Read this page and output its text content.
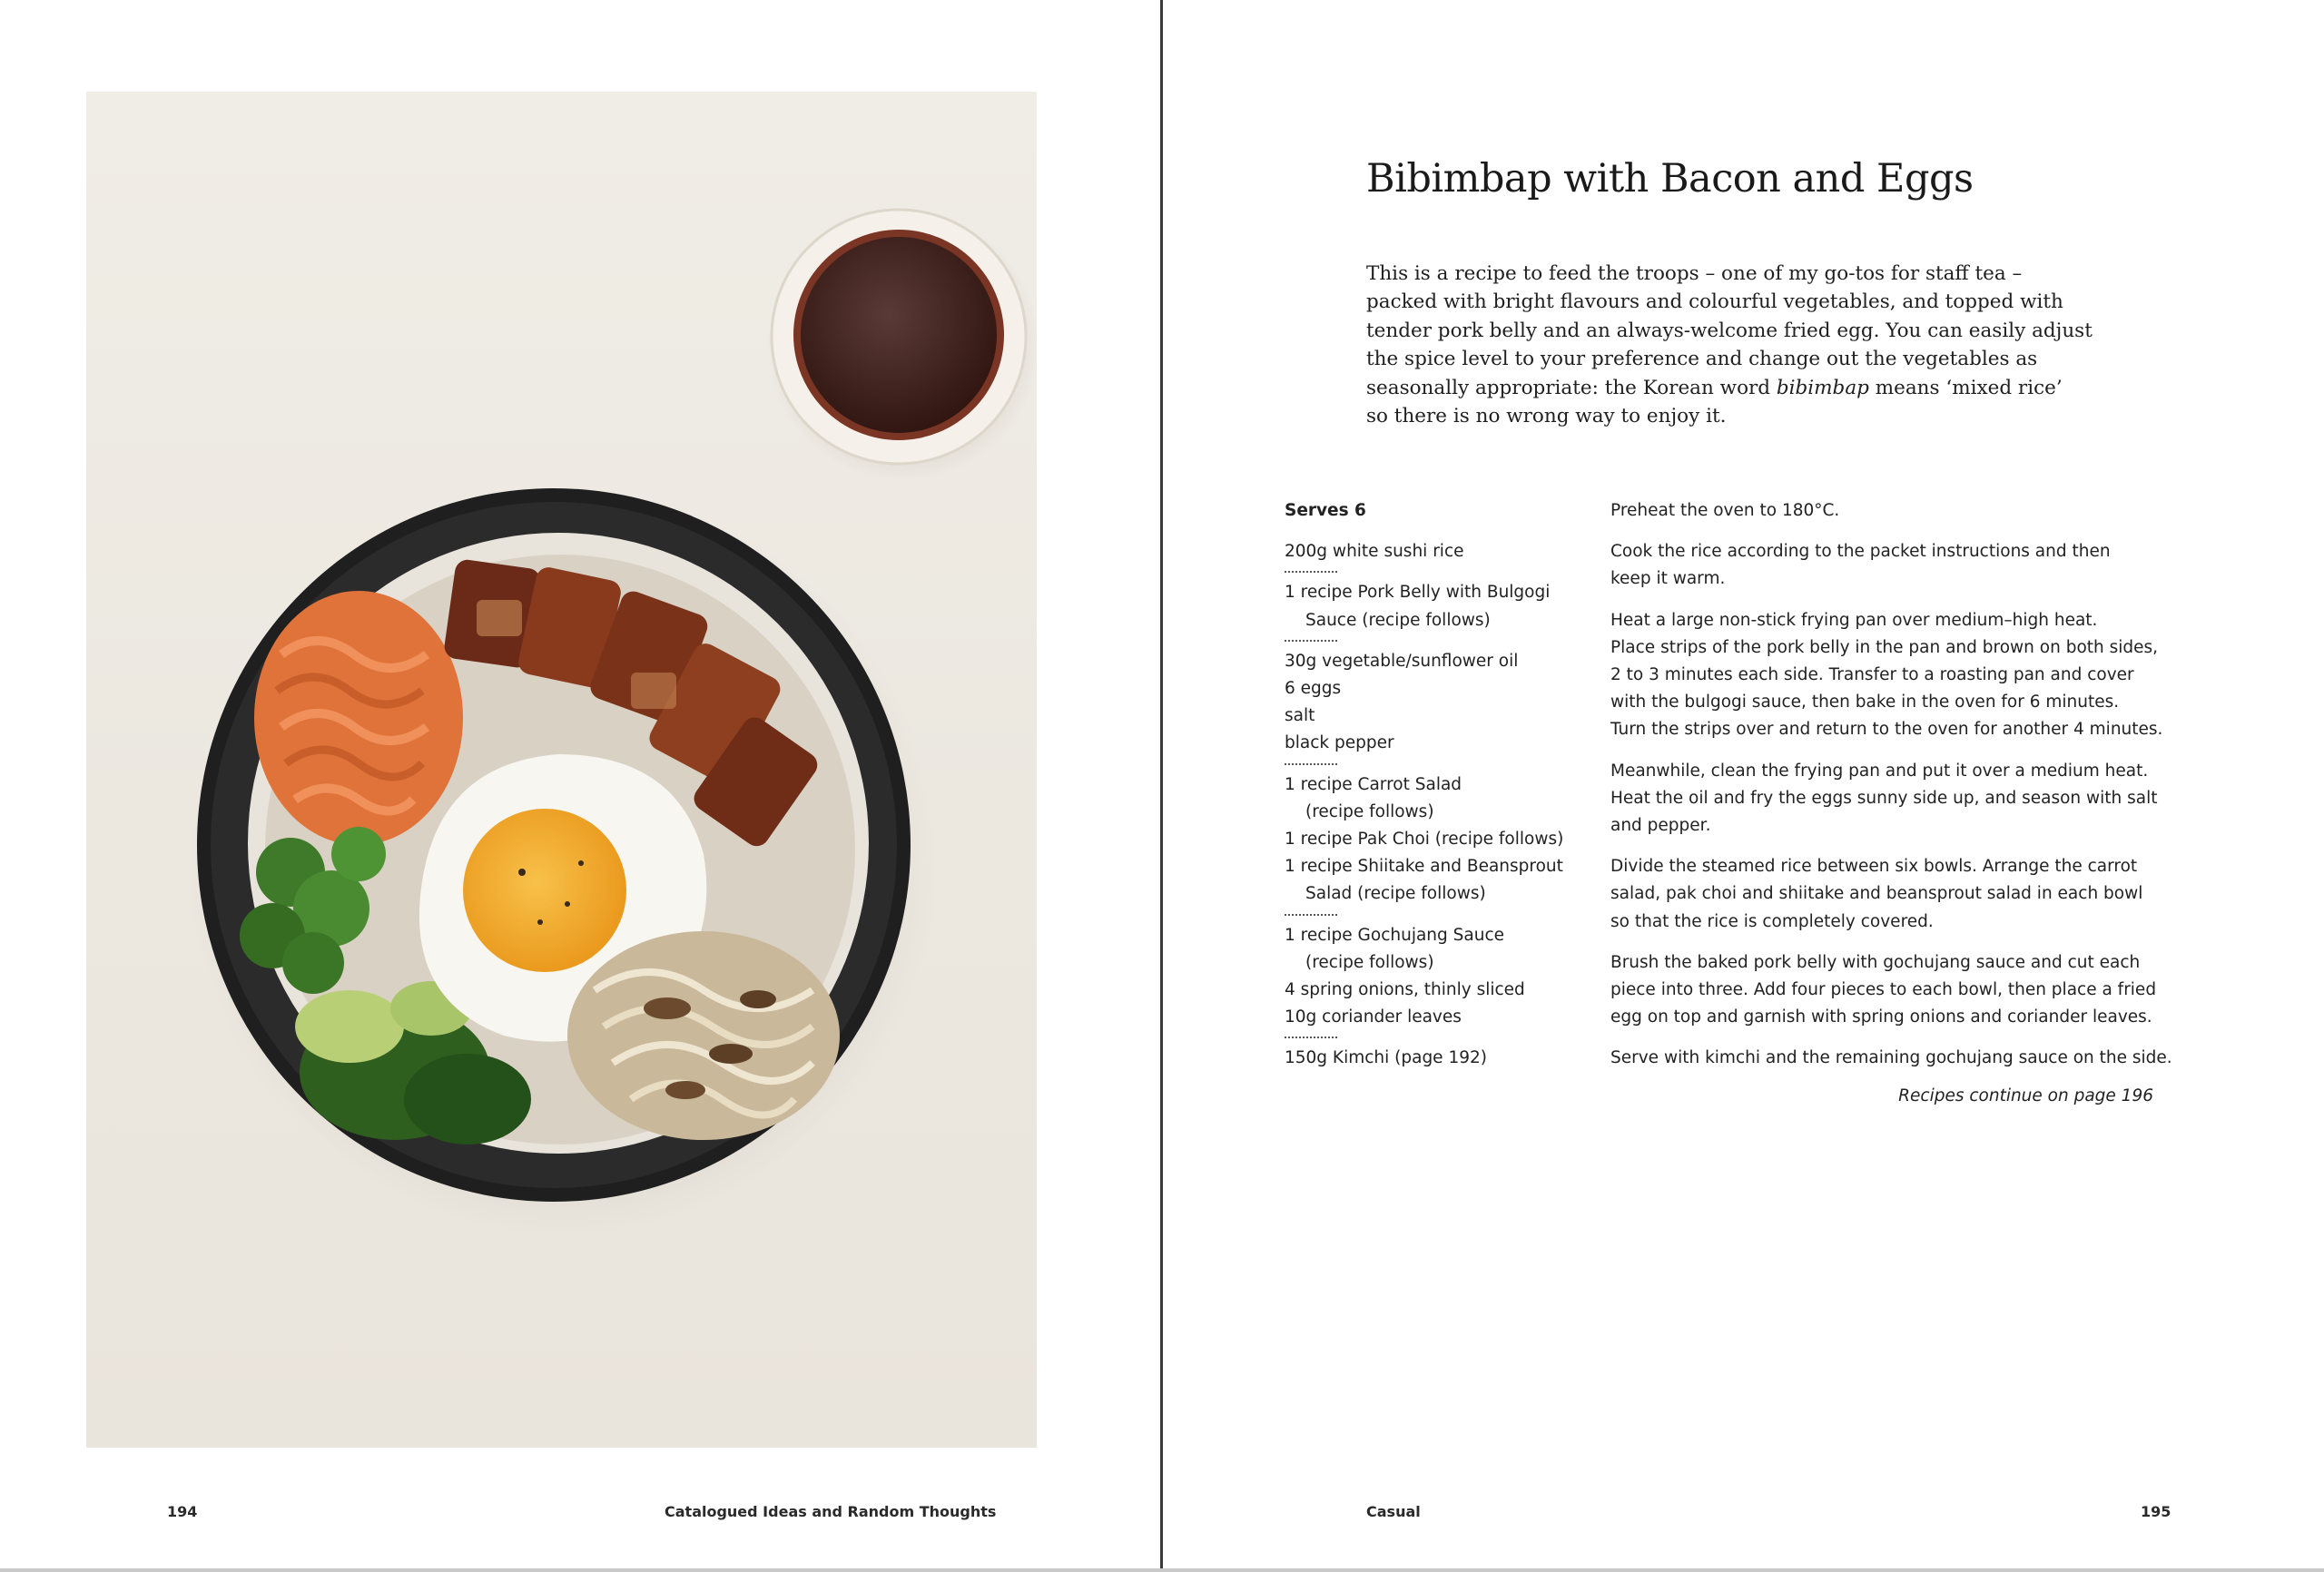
194	Catalogued Ideas and Random Thoughts
Bibimbap with Bacon and Eggs

This is a recipe to feed the troops – one of my go-tos for staff tea –

packed with bright flavours and colourful vegetables, and topped with

tender pork belly and an always-welcome fried egg. You can easily adjust

the spice level to your preference and change out the vegetables as

seasonally appropriate: the Korean word bibimbap means ‘mixed rice’

so there is no wrong way to enjoy it.

Serves 6
200g white sushi rice
1 recipe Pork Belly with Bulgogi
Sauce (recipe follows)
30g vegetable/sunflower oil
6 eggs
salt
black pepper
1 recipe Carrot Salad
(recipe follows)
1 recipe Pak Choi (recipe follows)
1 recipe Shiitake and Beansprout
Salad (recipe follows)
1 recipe Gochujang Sauce
(recipe follows)
4 spring onions, thinly sliced
10g coriander leaves
150g Kimchi (page 192)

Preheat the oven to 180°C.

Cook the rice according to the packet instructions and then
keep it warm.

Heat a large non-stick frying pan over medium–high heat.
Place strips of the pork belly in the pan and brown on both sides,
2 to 3 minutes each side. Transfer to a roasting pan and cover
with the bulgogi sauce, then bake in the oven for 6 minutes.
Turn the strips over and return to the oven for another 4 minutes.

Meanwhile, clean the frying pan and put it over a medium heat.
Heat the oil and fry the eggs sunny side up, and season with salt
and pepper.

Divide the steamed rice between six bowls. Arrange the carrot
salad, pak choi and shiitake and beansprout salad in each bowl
so that the rice is completely covered.

Brush the baked pork belly with gochujang sauce and cut each
piece into three. Add four pieces to each bowl, then place a fried
egg on top and garnish with spring onions and coriander leaves.

Serve with kimchi and the remaining gochujang sauce on the side.

Recipes continue on page 196
Casual	195
